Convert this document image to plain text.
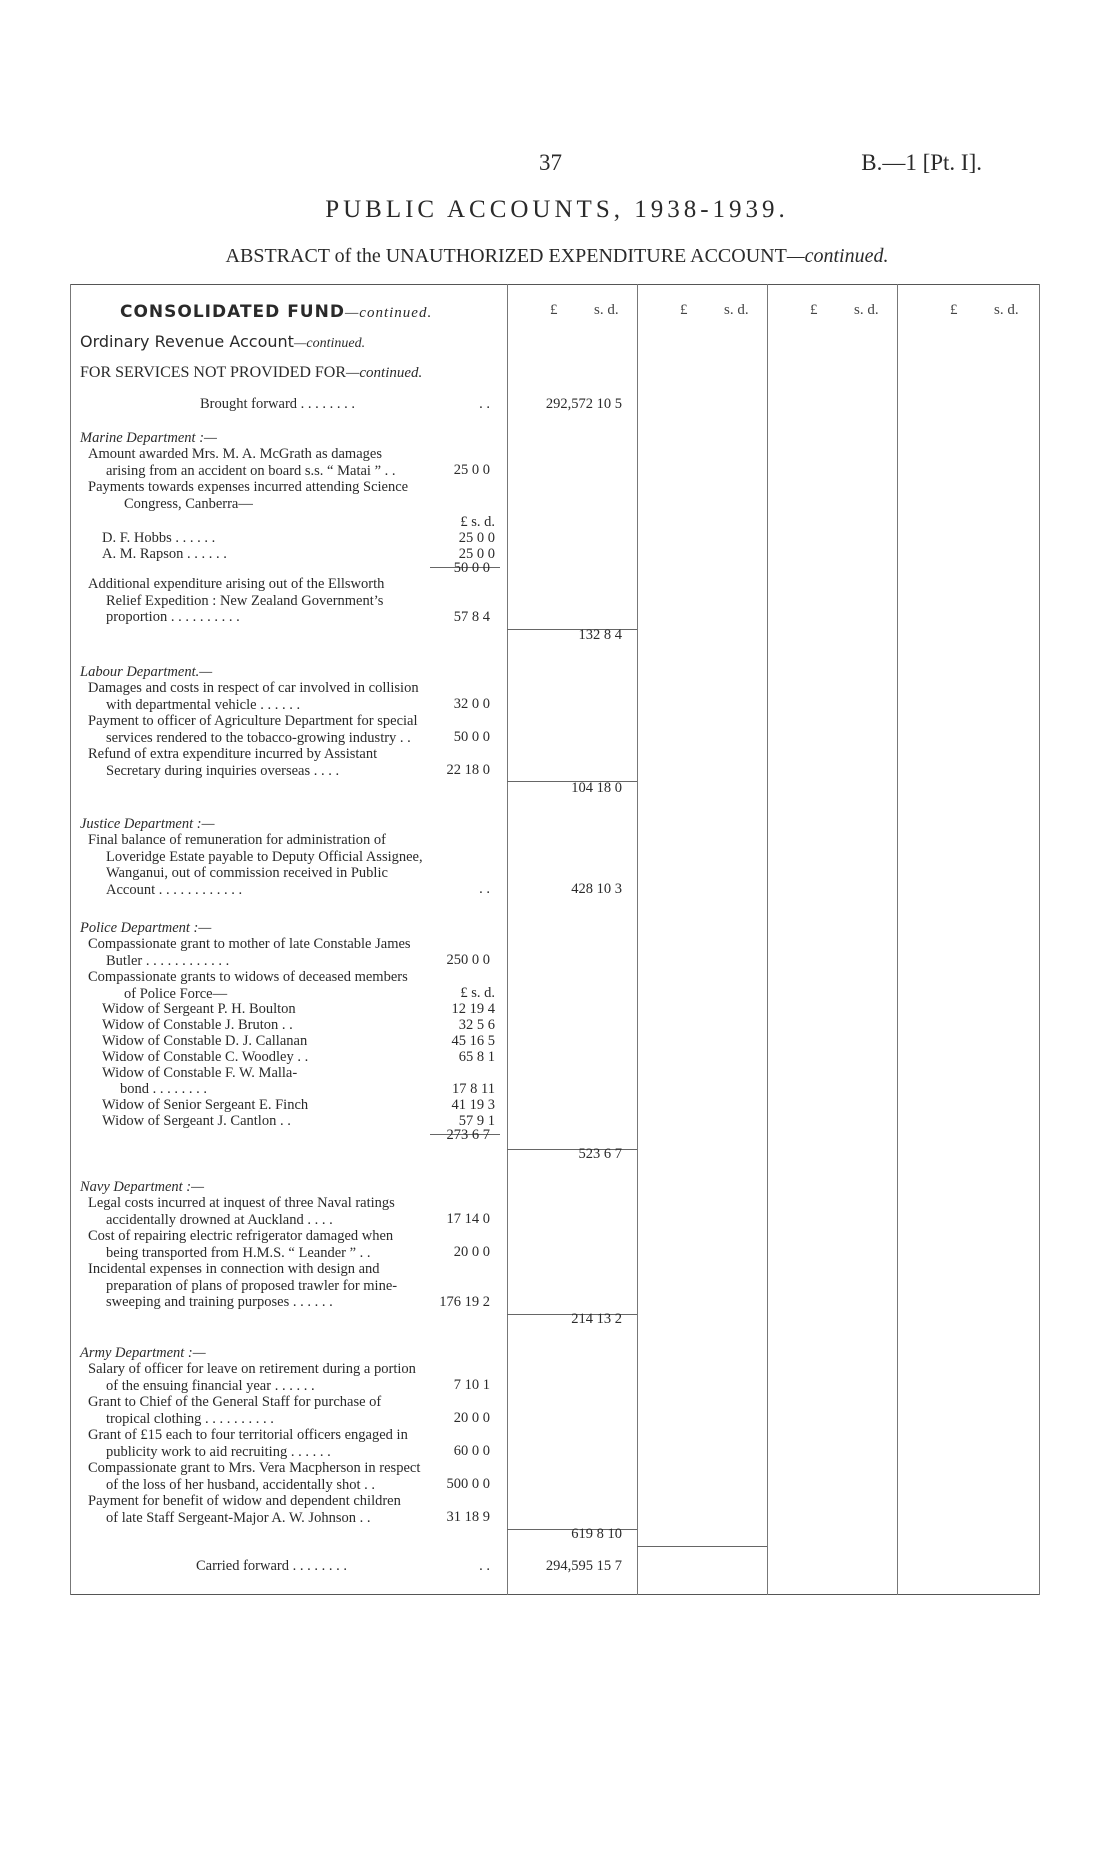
37	B.—1 [Pt. I].
PUBLIC ACCOUNTS, 1938-1939.
ABSTRACT of the UNAUTHORIZED EXPENDITURE ACCOUNT—continued.
CONSOLIDATED FUND—continued.
Ordinary Revenue Account—continued.
FOR SERVICES NOT PROVIDED FOR—continued.
£ s. d.	£ s. d.	£ s. d.	£ s. d.
Brought forward . . . . . . . .	. .	292,572 10 5
Marine Department :—
Amount awarded Mrs. M. A. McGrath as damages
arising from an accident on board s.s. “ Matai ” . .	25 0 0
Payments towards expenses incurred attending Science
Congress, Canberra—
£ s. d.
D. F. Hobbs . . . . . .	25 0 0
A. M. Rapson . . . . . .	25 0 0
50 0 0
Additional expenditure arising out of the Ellsworth
Relief Expedition : New Zealand Government’s
proportion . . . . . . . . . .	57 8 4
132 8 4
Labour Department.—
Damages and costs in respect of car involved in collision
with departmental vehicle . . . . . .	32 0 0
Payment to officer of Agriculture Department for special
services rendered to the tobacco-growing industry . .	50 0 0
Refund of extra expenditure incurred by Assistant
Secretary during inquiries overseas . . . .	22 18 0
104 18 0
Justice Department :—
Final balance of remuneration for administration of
Loveridge Estate payable to Deputy Official Assignee,
Wanganui, out of commission received in Public
Account . . . . . . . . . . . .	. .	428 10 3
Police Department :—
Compassionate grant to mother of late Constable James
Butler . . . . . . . . . . . .	250 0 0
Compassionate grants to widows of deceased members
of Police Force—	£ s. d.
Widow of Sergeant P. H. Boulton	12 19 4
Widow of Constable J. Bruton . .	32 5 6
Widow of Constable D. J. Callanan	45 16 5
Widow of Constable C. Woodley . .	65 8 1
Widow of Constable F. W. Malla-
bond . . . . . . . .	17 8 11
Widow of Senior Sergeant E. Finch	41 19 3
Widow of Sergeant J. Cantlon . .	57 9 1
273 6 7
523 6 7
Navy Department :—
Legal costs incurred at inquest of three Naval ratings
accidentally drowned at Auckland . . . .	17 14 0
Cost of repairing electric refrigerator damaged when
being transported from H.M.S. “ Leander ” . .	20 0 0
Incidental expenses in connection with design and
preparation of plans of proposed trawler for mine-
sweeping and training purposes . . . . . .	176 19 2
214 13 2
Army Department :—
Salary of officer for leave on retirement during a portion
of the ensuing financial year . . . . . .	7 10 1
Grant to Chief of the General Staff for purchase of
tropical clothing . . . . . . . . . .	20 0 0
Grant of £15 each to four territorial officers engaged in
publicity work to aid recruiting . . . . . .	60 0 0
Compassionate grant to Mrs. Vera Macpherson in respect
of the loss of her husband, accidentally shot . .	500 0 0
Payment for benefit of widow and dependent children
of late Staff Sergeant-Major A. W. Johnson . .	31 18 9
619 8 10
Carried forward . . . . . . . .	. .	294,595 15 7
